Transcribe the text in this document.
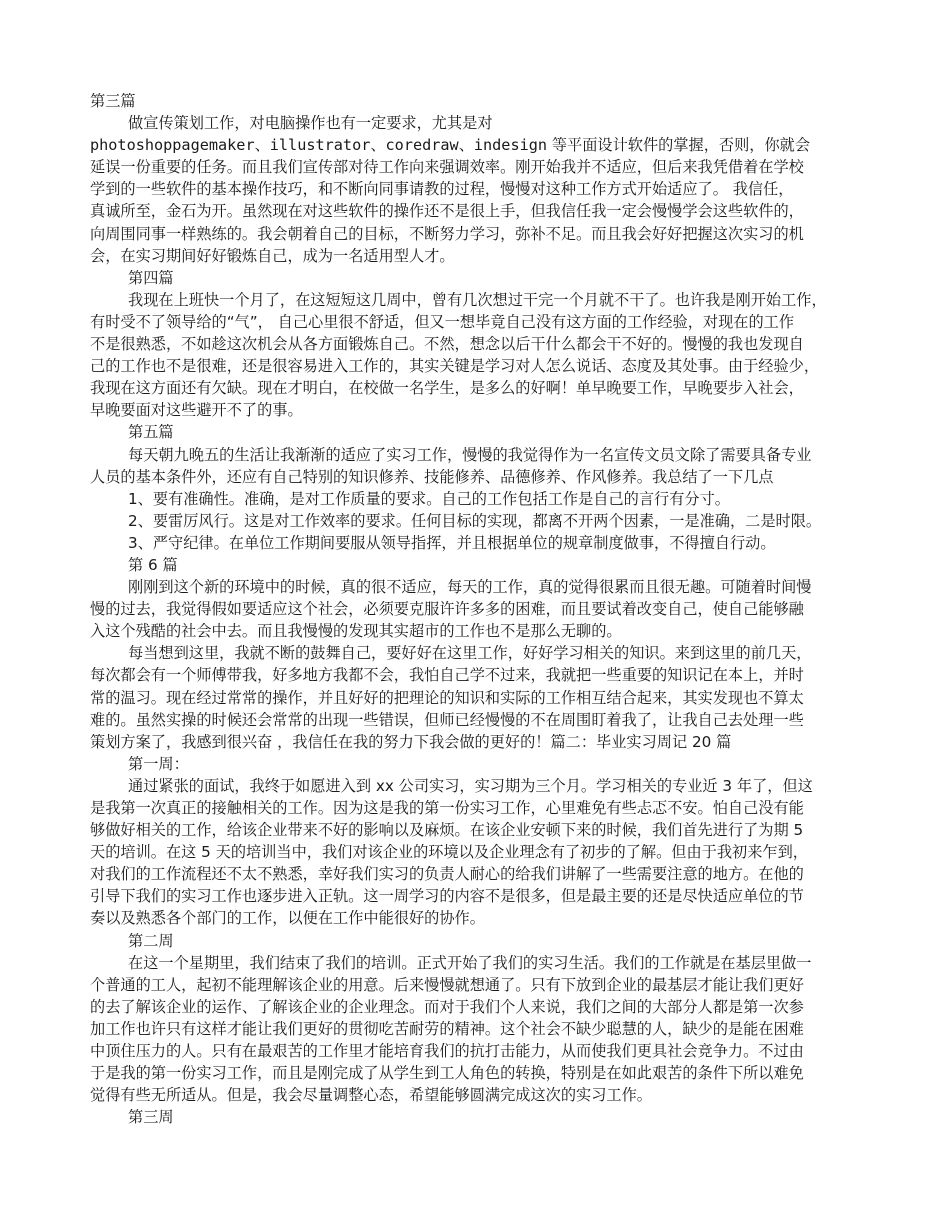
第三篇
做宣传策划工作，对电脑操作也有一定要求，尤其是对
photoshoppagemaker、illustrator、coredraw、indesign 等平面设计软件的掌握，否则，你就会
延误一份重要的任务。而且我们宣传部对待工作向来强调效率。刚开始我并不适应，但后来我凭借着在学校
学到的一些软件的基本操作技巧，和不断向同事请教的过程，慢慢对这种工作方式开始适应了。 我信任，
真诚所至，金石为开。虽然现在对这些软件的操作还不是很上手，但我信任我一定会慢慢学会这些软件的，
向周围同事一样熟练的。我会朝着自己的目标，不断努力学习，弥补不足。而且我会好好把握这次实习的机
会，在实习期间好好锻炼自己，成为一名适用型人才。
第四篇
我现在上班快一个月了，在这短短这几周中，曾有几次想过干完一个月就不干了。也许我是刚开始工作，
有时受不了领导给的“气”， 自己心里很不舒适，但又一想毕竟自己没有这方面的工作经验，对现在的工作
不是很熟悉，不如趁这次机会从各方面锻炼自己。不然，想念以后干什么都会干不好的。慢慢的我也发现自
己的工作也不是很难，还是很容易进入工作的，其实关键是学习对人怎么说话、态度及其处事。由于经验少，
我现在这方面还有欠缺。现在才明白，在校做一名学生，是多么的好啊！单早晚要工作，早晚要步入社会，
早晚要面对这些避开不了的事。
第五篇
每天朝九晚五的生活让我渐渐的适应了实习工作，慢慢的我觉得作为一名宣传文员文除了需要具备专业
人员的基本条件外，还应有自己特别的知识修养、技能修养、品德修养、作风修养。我总结了一下几点
1、要有准确性。准确，是对工作质量的要求。自己的工作包括工作是自己的言行有分寸。
2、要雷厉风行。这是对工作效率的要求。任何目标的实现，都离不开两个因素，一是准确，二是时限。
3、严守纪律。在单位工作期间要服从领导指挥，并且根据单位的规章制度做事，不得擅自行动。
第 6 篇
刚刚到这个新的环境中的时候，真的很不适应，每天的工作，真的觉得很累而且很无趣。可随着时间慢
慢的过去，我觉得假如要适应这个社会，必须要克服许许多多的困难，而且要试着改变自己，使自己能够融
入这个残酷的社会中去。而且我慢慢的发现其实超市的工作也不是那么无聊的。
每当想到这里，我就不断的鼓舞自己，要好好在这里工作，好好学习相关的知识。来到这里的前几天，
每次都会有一个师傅带我，好多地方我都不会，我怕自己学不过来，我就把一些重要的知识记在本上，并时
常的温习。现在经过常常的操作，并且好好的把理论的知识和实际的工作相互结合起来，其实发现也不算太
难的。虽然实操的时候还会常常的出现一些错误，但师已经慢慢的不在周围盯着我了，让我自己去处理一些
策划方案了，我感到很兴奋 ，我信任在我的努力下我会做的更好的！篇二：毕业实习周记 20 篇
第一周：
通过紧张的面试，我终于如愿进入到 xx 公司实习，实习期为三个月。学习相关的专业近 3 年了，但这
是我第一次真正的接触相关的工作。因为这是我的第一份实习工作，心里难免有些忐忑不安。怕自己没有能
够做好相关的工作，给该企业带来不好的影响以及麻烦。在该企业安顿下来的时候，我们首先进行了为期 5
天的培训。在这 5 天的培训当中，我们对该企业的环境以及企业理念有了初步的了解。但由于我初来乍到，
对我们的工作流程还不太不熟悉，幸好我们实习的负责人耐心的给我们讲解了一些需要注意的地方。在他的
引导下我们的实习工作也逐步进入正轨。这一周学习的内容不是很多，但是最主要的还是尽快适应单位的节
奏以及熟悉各个部门的工作，以便在工作中能很好的协作。
第二周
在这一个星期里，我们结束了我们的培训。正式开始了我们的实习生活。我们的工作就是在基层里做一
个普通的工人，起初不能理解该企业的用意。后来慢慢就想通了。只有下放到企业的最基层才能让我们更好
的去了解该企业的运作、了解该企业的企业理念。而对于我们个人来说，我们之间的大部分人都是第一次参
加工作也许只有这样才能让我们更好的贯彻吃苦耐劳的精神。这个社会不缺少聪慧的人，缺少的是能在困难
中顶住压力的人。只有在最艰苦的工作里才能培育我们的抗打击能力，从而使我们更具社会竞争力。不过由
于是我的第一份实习工作，而且是刚完成了从学生到工人角色的转换，特别是在如此艰苦的条件下所以难免
觉得有些无所适从。但是，我会尽量调整心态，希望能够圆满完成这次的实习工作。
第三周
